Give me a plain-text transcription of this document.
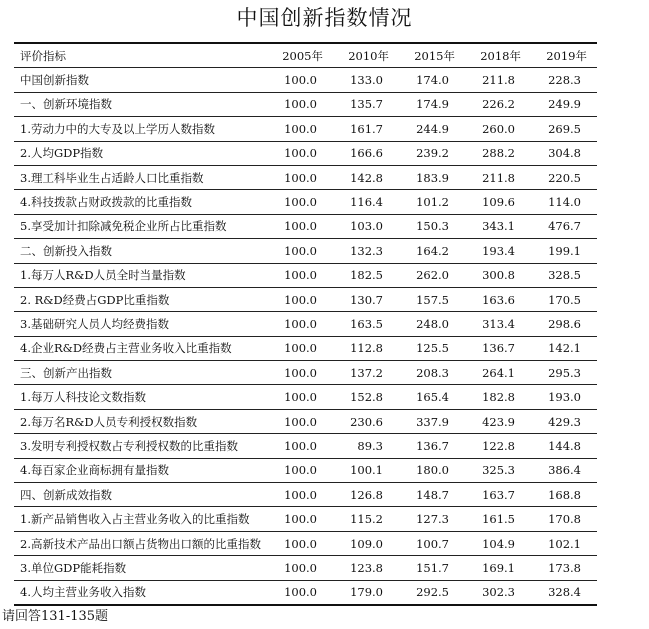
中国创新指数情况
评价指标	2005年	2010年	2015年	2018年	2019年
中国创新指数	100.0	133.0	174.0	211.8	228.3
一、创新环境指数	100.0	135.7	174.9	226.2	249.9
1.劳动力中的大专及以上学历人数指数	100.0	161.7	244.9	260.0	269.5
2.人均GDP指数	100.0	166.6	239.2	288.2	304.8
3.理工科毕业生占适龄人口比重指数	100.0	142.8	183.9	211.8	220.5
4.科技拨款占财政拨款的比重指数	100.0	116.4	101.2	109.6	114.0
5.享受加计扣除减免税企业所占比重指数	100.0	103.0	150.3	343.1	476.7
二、创新投入指数	100.0	132.3	164.2	193.4	199.1
1.每万人R&D人员全时当量指数	100.0	182.5	262.0	300.8	328.5
2. R&D经费占GDP比重指数	100.0	130.7	157.5	163.6	170.5
3.基础研究人员人均经费指数	100.0	163.5	248.0	313.4	298.6
4.企业R&D经费占主营业务收入比重指数	100.0	112.8	125.5	136.7	142.1
三、创新产出指数	100.0	137.2	208.3	264.1	295.3
1.每万人科技论文数指数	100.0	152.8	165.4	182.8	193.0
2.每万名R&D人员专利授权数指数	100.0	230.6	337.9	423.9	429.3
3.发明专利授权数占专利授权数的比重指数	100.0	89.3	136.7	122.8	144.8
4.每百家企业商标拥有量指数	100.0	100.1	180.0	325.3	386.4
四、创新成效指数	100.0	126.8	148.7	163.7	168.8
1.新产品销售收入占主营业务收入的比重指数	100.0	115.2	127.3	161.5	170.8
2.高新技术产品出口额占货物出口额的比重指数	100.0	109.0	100.7	104.9	102.1
3.单位GDP能耗指数	100.0	123.8	151.7	169.1	173.8
4.人均主营业务收入指数	100.0	179.0	292.5	302.3	328.4
请回答131-135题
